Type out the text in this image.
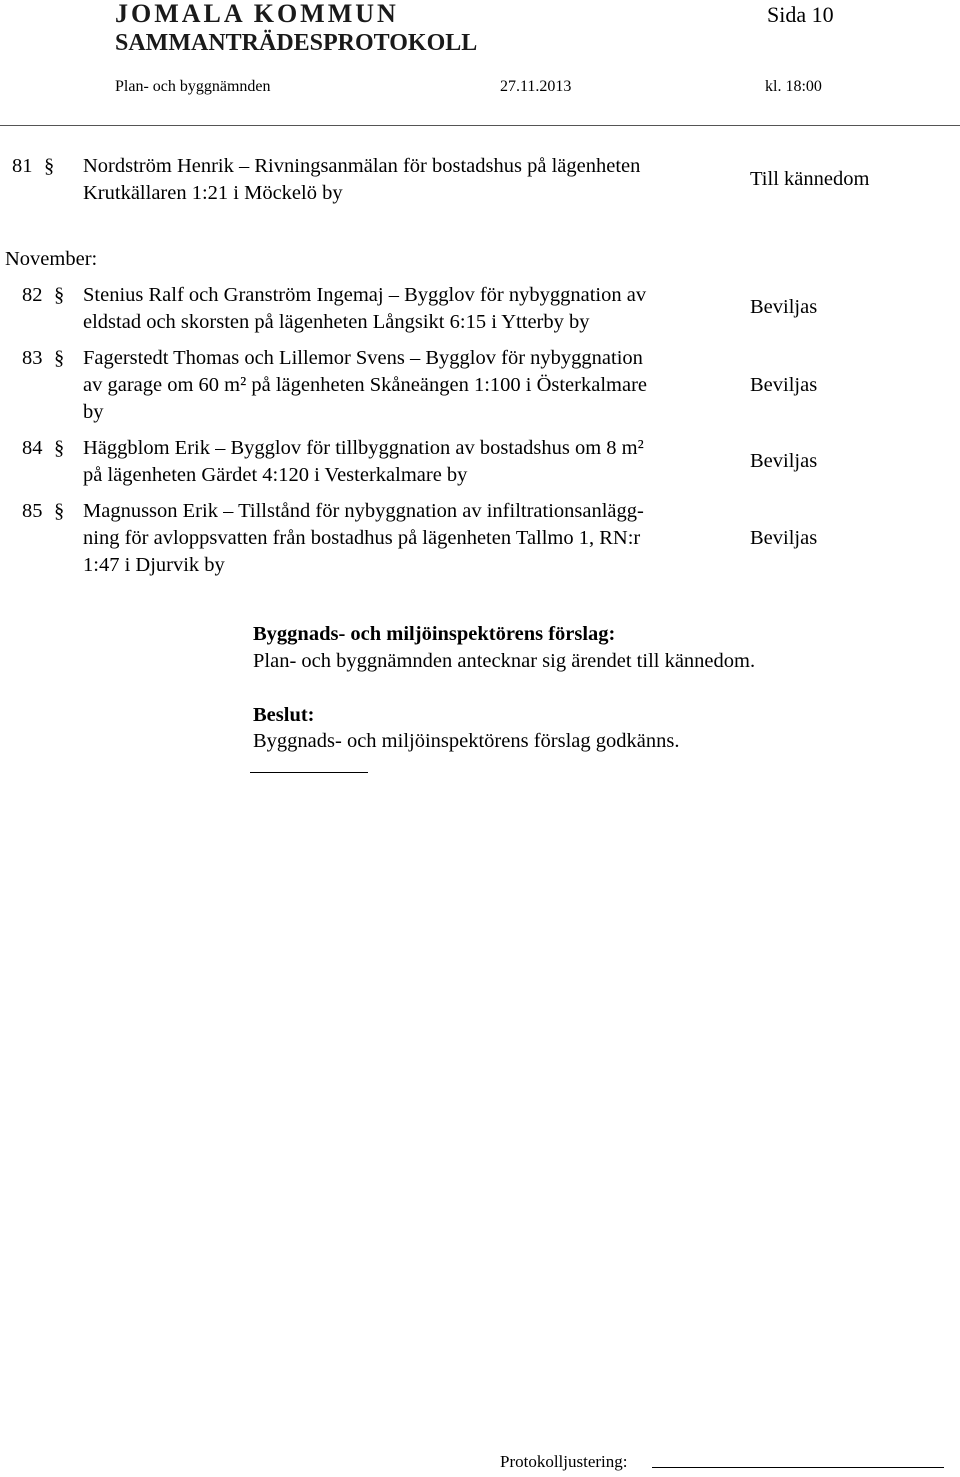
JOMALA KOMMUN
SAMMANTRÄDESPROTOKOLL
Sida 10
Plan- och byggnämnden	27.11.2013	kl. 18:00
81 §	Nordström Henrik – Rivningsanmälan för bostadshus på lägenheten
Krutkällaren 1:21 i Möckelö by
Till kännedom
November:
82 § Stenius Ralf och Granström Ingemaj – Bygglov för nybyggnation av
eldstad och skorsten på lägenheten Långsikt 6:15 i Ytterby by
Beviljas
83 § Fagerstedt Thomas och Lillemor Svens – Bygglov för nybyggnation
av garage om 60 m² på lägenheten Skåneängen 1:100 i Österkalmare
by
Beviljas
84 § Häggblom Erik – Bygglov för tillbyggnation av bostadshus om 8 m²
på lägenheten Gärdet 4:120 i Vesterkalmare by
Beviljas
85 § Magnusson Erik – Tillstånd för nybyggnation av infiltrationsanlägg-
ning för avloppsvatten från bostadhus på lägenheten Tallmo 1, RN:r
1:47 i Djurvik by
Beviljas
Byggnads- och miljöinspektörens förslag:
Plan- och byggnämnden antecknar sig ärendet till kännedom.
Beslut:
Byggnads- och miljöinspektörens förslag godkänns.
Protokolljustering:
